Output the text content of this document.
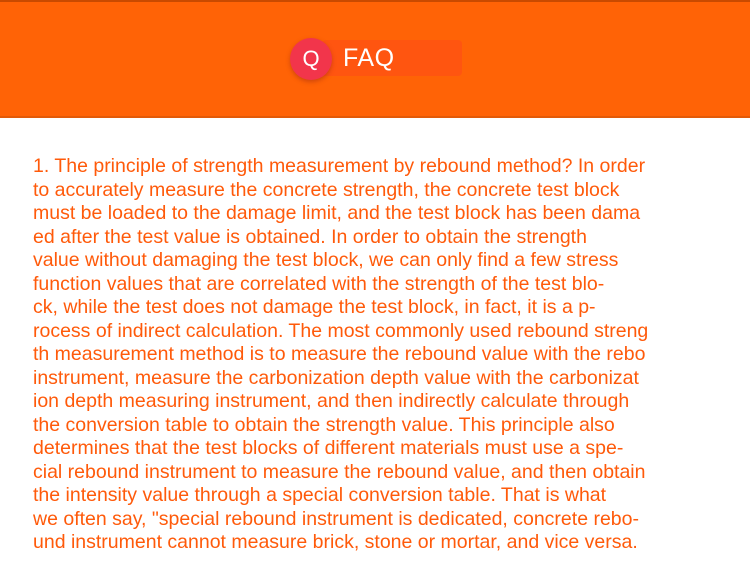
Q FAQ
1. The principle of strength measurement by rebound method? In order
to accurately measure the concrete strength, the concrete test block
must be loaded to the damage limit, and the test block has been dama
ed after the test value is obtained. In order to obtain the strength
value without damaging the test block, we can only find a few stress
function values that are correlated with the strength of the test blo-
ck, while the test does not damage the test block, in fact, it is a p-
rocess of indirect calculation. The most commonly used rebound streng
th measurement method is to measure the rebound value with the rebo
instrument, measure the carbonization depth value with the carbonizat
ion depth measuring instrument, and then indirectly calculate through
the conversion table to obtain the strength value. This principle also
determines that the test blocks of different materials must use a spe-
cial rebound instrument to measure the rebound value, and then obtain
the intensity value through a special conversion table. That is what
we often say, "special rebound instrument is dedicated, concrete rebo-
und instrument cannot measure brick, stone or mortar, and vice versa.
